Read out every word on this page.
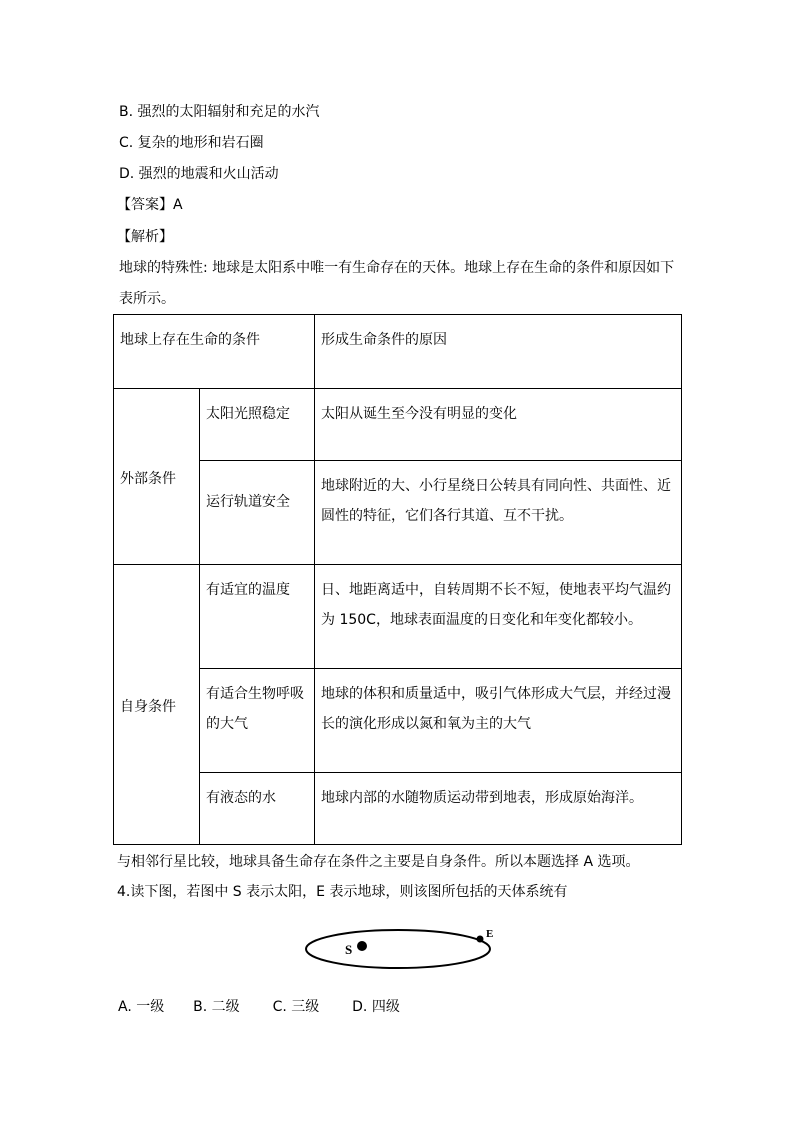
B. 强烈的太阳辐射和充足的水汽
C. 复杂的地形和岩石圈
D. 强烈的地震和火山活动
【答案】A
【解析】
地球的特殊性: 地球是太阳系中唯一有生命存在的天体。地球上存在生命的条件和原因如下
表所示。
地球上存在生命的条件		形成生命条件的原因
外部条件	太阳光照稳定	太阳从诞生至今没有明显的变化
	运行轨道安全	地球附近的大、小行星绕日公转具有同向性、共面性、近圆性的特征，它们各行其道、互不干扰。
自身条件	有适宜的温度	日、地距离适中，自转周期不长不短，使地表平均气温约为 150C，地球表面温度的日变化和年变化都较小。
	有适合生物呼吸的大气	地球的体积和质量适中，吸引气体形成大气层，并经过漫长的演化形成以氮和氧为主的大气
	有液态的水	地球内部的水随物质运动带到地表，形成原始海洋。
与相邻行星比较，地球具备生命存在条件之主要是自身条件。所以本题选择 A 选项。
4.读下图，若图中 S 表示太阳，E 表示地球，则该图所包括的天体系统有
S
E
A. 一级 B. 二级 C. 三级 D. 四级
